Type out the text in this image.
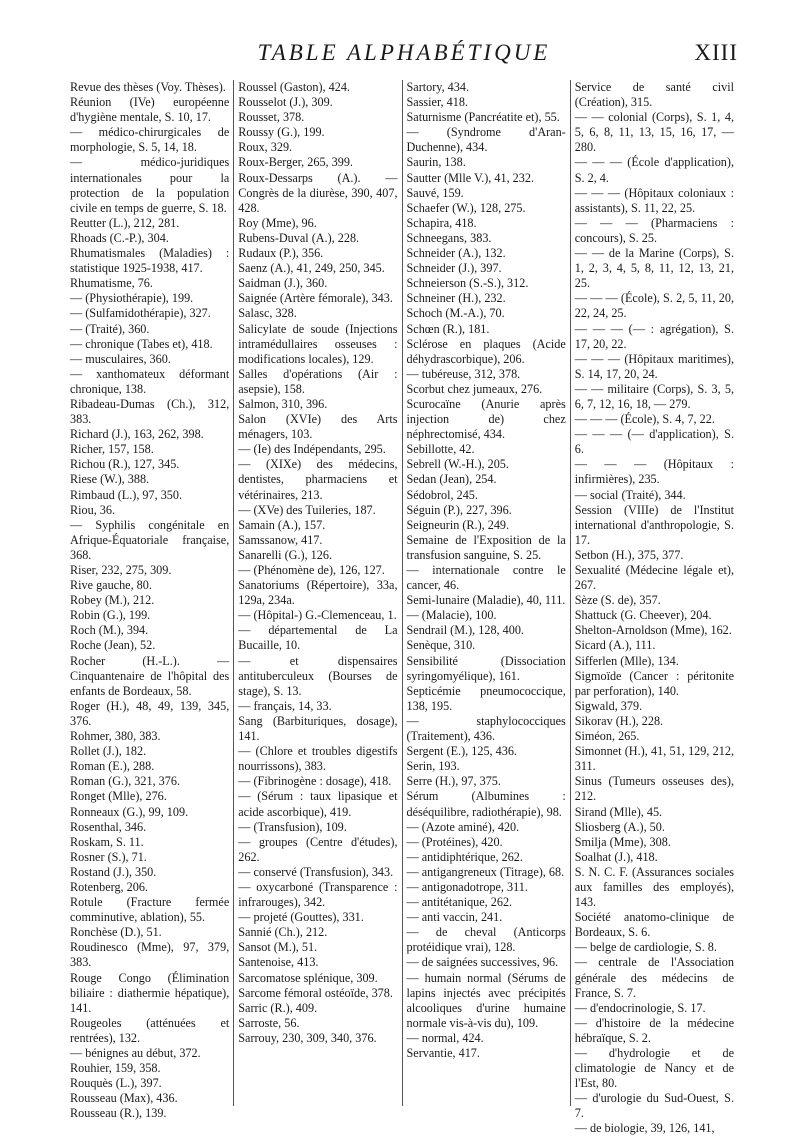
TABLE ALPHABÉTIQUE	XIII
Revue des thèses (Voy. Thèses).
Réunion (IVe) européenne d'hygiène mentale, S. 10, 17.
— médico-chirurgicales de morphologie, S. 5, 14, 18.
— médico-juridiques internationales pour la protection de la population civile en temps de guerre, S. 18.
Reutter (L.), 212, 281.
Rhoads (C.-P.), 304.
Rhumatismales (Maladies) : statistique 1925-1938, 417.
Rhumatisme, 76.
— (Physiothérapie), 199.
— (Sulfamidothérapie), 327.
— (Traité), 360.
— chronique (Tabes et), 418.
— musculaires, 360.
— xanthomateux déformant chronique, 138.
Ribadeau-Dumas (Ch.), 312, 383.
Richard (J.), 163, 262, 398.
Richer, 157, 158.
Richou (R.), 127, 345.
Riese (W.), 388.
Rimbaud (L.), 97, 350.
Riou, 36.
— Syphilis congénitale en Afrique-Équatoriale française, 368.
Riser, 232, 275, 309.
Rive gauche, 80.
Robey (M.), 212.
Robin (G.), 199.
Roch (M.), 394.
Roche (Jean), 52.
Rocher (H.-L.). — Cinquantenaire de l'hôpital des enfants de Bordeaux, 58.
Roger (H.), 48, 49, 139, 345, 376.
Rohmer, 380, 383.
Rollet (J.), 182.
Roman (E.), 288.
Roman (G.), 321, 376.
Ronget (Mlle), 276.
Ronneaux (G.), 99, 109.
Rosenthal, 346.
Roskam, S. 11.
Rosner (S.), 71.
Rostand (J.), 350.
Rotenberg, 206.
Rotule (Fracture fermée comminutive, ablation), 55.
Ronchèse (D.), 51.
Roudinesco (Mme), 97, 379, 383.
Rouge Congo (Élimination biliaire : diathermie hépatique), 141.
Rougeoles (atténuées et rentrées), 132.
— bénignes au début, 372.
Rouhier, 159, 358.
Rouquès (L.), 397.
Rousseau (Max), 436.
Rousseau (R.), 139.
Roussel (Gaston), 424.
Rousselot (J.), 309.
Rousset, 378.
Roussy (G.), 199.
Roux, 329.
Roux-Berger, 265, 399.
Roux-Dessarps (A.). — Congrès de la diurèse, 390, 407, 428.
Roy (Mme), 96.
Rubens-Duval (A.), 228.
Rudaux (P.), 356.
Saenz (A.), 41, 249, 250, 345.
Saidman (J.), 360.
Saignée (Artère fémorale), 343.
Salasc, 328.
Salicylate de soude (Injections intramédullaires osseuses : modifications locales), 129.
Salles d'opérations (Air : asepsie), 158.
Salmon, 310, 396.
Salon (XVIe) des Arts ménagers, 103.
— (Ie) des Indépendants, 295.
— (XIXe) des médecins, dentistes, pharmaciens et vétérinaires, 213.
— (XVe) des Tuileries, 187.
Samain (A.), 157.
Samssanow, 417.
Sanarelli (G.), 126.
— (Phénomène de), 126, 127.
Sanatoriums (Répertoire), 33a, 129a, 234a.
— (Hôpital-) G.-Clemenceau, 1.
— départemental de La Bucaille, 10.
— et dispensaires antituberculeux (Bourses de stage), S. 13.
— français, 14, 33.
Sang (Barbituriques, dosage), 141.
— (Chlore et troubles digestifs nourrissons), 383.
— (Fibrinogène : dosage), 418.
— (Sérum : taux lipasique et acide ascorbique), 419.
— (Transfusion), 109.
— groupes (Centre d'études), 262.
— conservé (Transfusion), 343.
— oxycarboné (Transparence : infrarouges), 342.
— projeté (Gouttes), 331.
Sannié (Ch.), 212.
Sansot (M.), 51.
Santenoise, 413.
Sarcomatose splénique, 309.
Sarcome fémoral ostéoïde, 378.
Sarric (R.), 409.
Sarroste, 56.
Sarrouy, 230, 309, 340, 376.
Sartory, 434.
Sassier, 418.
Saturnisme (Pancréatite et), 55.
— (Syndrome d'Aran-Duchenne), 434.
Saurin, 138.
Sautter (Mlle V.), 41, 232.
Sauvé, 159.
Schaefer (W.), 128, 275.
Schapira, 418.
Schneegans, 383.
Schneider (A.), 132.
Schneider (J.), 397.
Schneierson (S.-S.), 312.
Schneiner (H.), 232.
Schoch (M.-A.), 70.
Schœn (R.), 181.
Sclérose en plaques (Acide déhydrascorbique), 206.
— tubéreuse, 312, 378.
Scorbut chez jumeaux, 276.
Scurocaïne (Anurie après injection de) chez néphrectomisé, 434.
Sebillotte, 42.
Sebrell (W.-H.), 205.
Sedan (Jean), 254.
Sédobrol, 245.
Séguin (P.), 227, 396.
Seigneurin (R.), 249.
Semaine de l'Exposition de la transfusion sanguine, S. 25.
— internationale contre le cancer, 46.
Semi-lunaire (Maladie), 40, 111.
— (Malacie), 100.
Sendrail (M.), 128, 400.
Senèque, 310.
Sensibilité (Dissociation syringomyélique), 161.
Septicémie pneumococcique, 138, 195.
— staphylococciques (Traitement), 436.
Sergent (E.), 125, 436.
Serin, 193.
Serre (H.), 97, 375.
Sérum (Albumines : déséquilibre, radiothérapie), 98.
— (Azote aminé), 420.
— (Protéines), 420.
— antidiphtérique, 262.
— antigangreneux (Titrage), 68.
— antigonadotrope, 311.
— antitétanique, 262.
— anti vaccin, 241.
— de cheval (Anticorps protéidique vrai), 128.
— de saignées successives, 96.
— humain normal (Sérums de lapins injectés avec précipités alcooliques d'urine humaine normale vis-à-vis du), 109.
— normal, 424.
Servantie, 417.
Service de santé civil (Création), 315.
— — colonial (Corps), S. 1, 4, 5, 6, 8, 11, 13, 15, 16, 17, — 280.
— — — (École d'application), S. 2, 4.
— — — (Hôpitaux coloniaux : assistants), S. 11, 22, 25.
— — — (Pharmaciens : concours), S. 25.
— — de la Marine (Corps), S. 1, 2, 3, 4, 5, 8, 11, 12, 13, 21, 25.
— — — (École), S. 2, 5, 11, 20, 22, 24, 25.
— — — (— : agrégation), S. 17, 20, 22.
— — — (Hôpitaux maritimes), S. 14, 17, 20, 24.
— — militaire (Corps), S. 3, 5, 6, 7, 12, 16, 18, — 279.
— — — (École), S. 4, 7, 22.
— — — (— d'application), S. 6.
— — — (Hôpitaux : infirmières), 235.
— social (Traité), 344.
Session (VIIIe) de l'Institut international d'anthropologie, S. 17.
Setbon (H.), 375, 377.
Sexualité (Médecine légale et), 267.
Sèze (S. de), 357.
Shattuck (G. Cheever), 204.
Shelton-Arnoldson (Mme), 162.
Sicard (A.), 111.
Sifferlen (Mlle), 134.
Sigmoïde (Cancer : péritonite par perforation), 140.
Sigwald, 379.
Sikorav (H.), 228.
Siméon, 265.
Simonnet (H.), 41, 51, 129, 212, 311.
Sinus (Tumeurs osseuses des), 212.
Sirand (Mlle), 45.
Sliosberg (A.), 50.
Smilja (Mme), 308.
Soalhat (J.), 418.
S. N. C. F. (Assurances sociales aux familles des employés), 143.
Société anatomo-clinique de Bordeaux, S. 6.
— belge de cardiologie, S. 8.
— centrale de l'Association générale des médecins de France, S. 7.
— d'endocrinologie, S. 17.
— d'histoire de la médecine hébraïque, S. 2.
— d'hydrologie et de climatologie de Nancy et de l'Est, 80.
— d'urologie du Sud-Ouest, S. 7.
— de biologie, 39, 126, 141,
